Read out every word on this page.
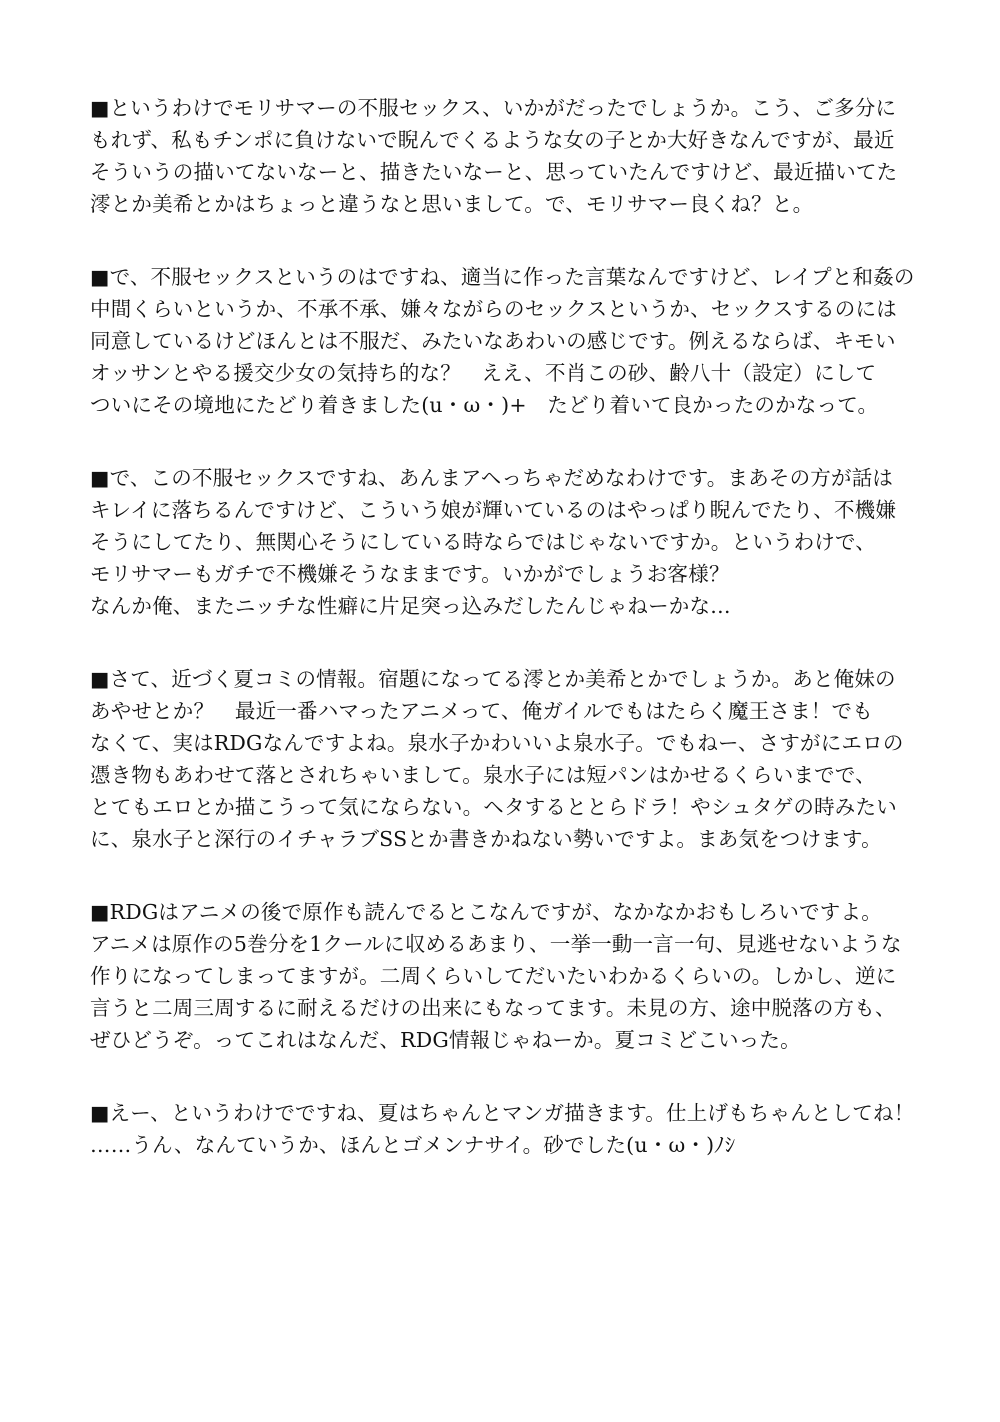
■というわけでモリサマーの不服セックス、いかがだったでしょうか。こう、ご多分に
もれず、私もチンポに負けないで睨んでくるような女の子とか大好きなんですが、最近
そういうの描いてないなーと、描きたいなーと、思っていたんですけど、最近描いてた
澪とか美希とかはちょっと違うなと思いまして。で、モリサマー良くね？と。
■で、不服セックスというのはですね、適当に作った言葉なんですけど、レイプと和姦の
中間くらいというか、不承不承、嫌々ながらのセックスというか、セックスするのには
同意しているけどほんとは不服だ、みたいなあわいの感じです。例えるならば、キモい
オッサンとやる援交少女の気持ち的な？　ええ、不肖この砂、齢八十（設定）にして
ついにその境地にたどり着きました(u・ω・)+　たどり着いて良かったのかなって。
■で、この不服セックスですね、あんまアヘっちゃだめなわけです。まあその方が話は
キレイに落ちるんですけど、こういう娘が輝いているのはやっぱり睨んでたり、不機嫌
そうにしてたり、無関心そうにしている時ならではじゃないですか。というわけで、
モリサマーもガチで不機嫌そうなままです。いかがでしょうお客様？
なんか俺、またニッチな性癖に片足突っ込みだしたんじゃねーかな…
■さて、近づく夏コミの情報。宿題になってる澪とか美希とかでしょうか。あと俺妹の
あやせとか？　最近一番ハマったアニメって、俺ガイルでもはたらく魔王さま！でも
なくて、実はRDGなんですよね。泉水子かわいいよ泉水子。でもねー、さすがにエロの
憑き物もあわせて落とされちゃいまして。泉水子には短パンはかせるくらいまでで、
とてもエロとか描こうって気にならない。ヘタするととらドラ！やシュタゲの時みたい
に、泉水子と深行のイチャラブSSとか書きかねない勢いですよ。まあ気をつけます。
■RDGはアニメの後で原作も読んでるとこなんですが、なかなかおもしろいですよ。
アニメは原作の5巻分を1クールに収めるあまり、一挙一動一言一句、見逃せないような
作りになってしまってますが。二周くらいしてだいたいわかるくらいの。しかし、逆に
言うと二周三周するに耐えるだけの出来にもなってます。未見の方、途中脱落の方も、
ぜひどうぞ。ってこれはなんだ、RDG情報じゃねーか。夏コミどこいった。
■えー、というわけでですね、夏はちゃんとマンガ描きます。仕上げもちゃんとしてね！
……うん、なんていうか、ほんとゴメンナサイ。砂でした(u・ω・)ﾉｼ
